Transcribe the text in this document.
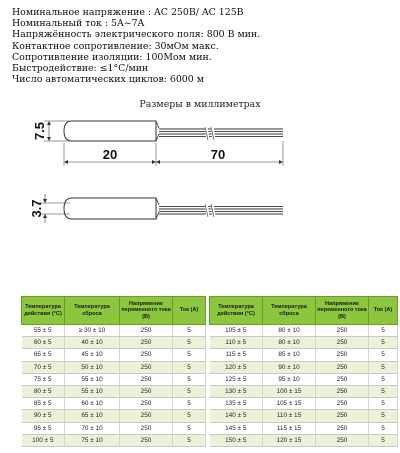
Номинальное напряжение : AC 250B/ AC 125B
Номинальный ток : 5A~7A
Напряжённость электрического поля: 800 В мин.
Контактное сопротивление: 30мОм макс.
Сопротивление изоляции: 100Мом мин.
Быстродействие: ≤1°C/мин
Число автоматических циклов: 6000 м
Размеры в миллиметрах
7.5
20	70
3.7
Температура действия (°C)	Температура сброса	Напряжение переменного тока (В)	Ток (A)		Температура действия (°C)	Температура сброса	Напряжение переменного тока (В)	Ток (A)
55 ± 5	≥ 30 ± 10	250	5		105 ± 5	80 ± 10	250	5
60 ± 5	40 ± 10	250	5		110 ± 5	80 ± 10	250	5
65 ± 5	45 ± 10	250	5		115 ± 5	85 ± 10	250	5
70 ± 5	50 ± 10	250	5		120 ± 5	90 ± 10	250	5
75 ± 5	55 ± 10	250	5		125 ± 5	95 ± 10	250	5
80 ± 5	55 ± 10	250	5		130 ± 5	100 ± 15	250	5
85 ± 5	60 ± 10	250	5		135 ± 5	105 ± 15	250	5
90 ± 5	65 ± 10	250	5		140 ± 5	110 ± 15	250	5
95 ± 5	70 ± 10	250	5		145 ± 5	115 ± 15	250	5
100 ± 5	75 ± 10	250	5		150 ± 5	120 ± 15	250	5
